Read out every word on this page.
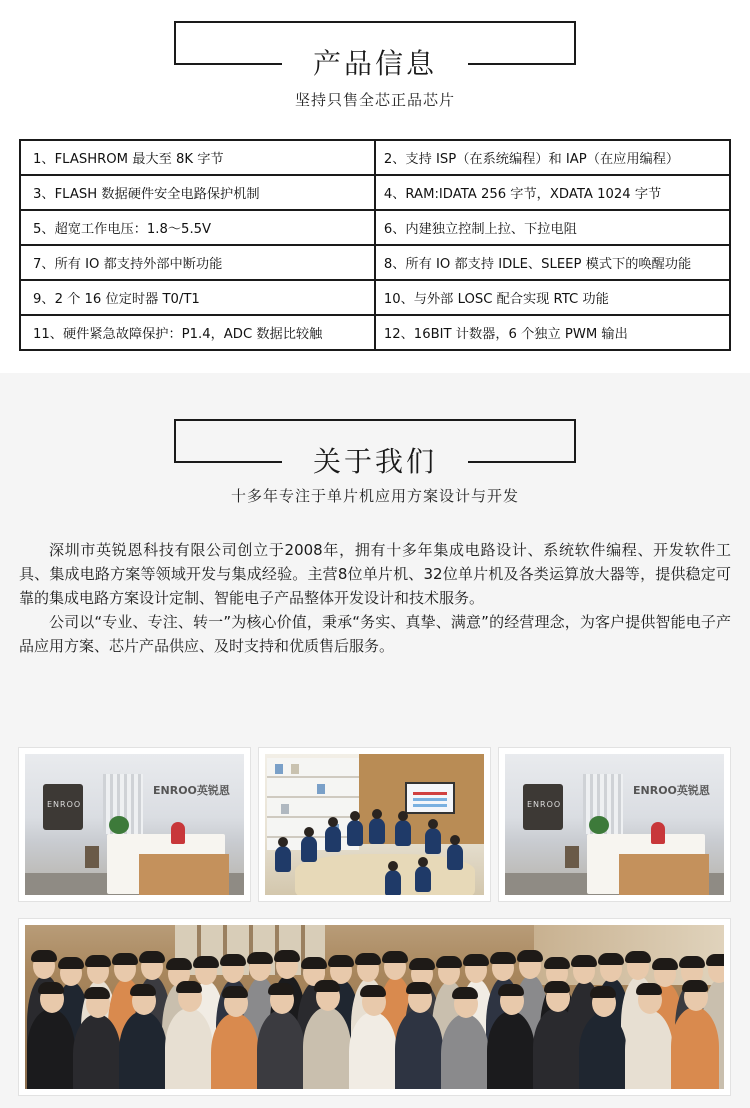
产品信息
坚持只售全芯正品芯片
1、FLASHROM 最大至 8K 字节	2、支持 ISP（在系统编程）和 IAP（在应用编程）
3、FLASH 数据硬件安全电路保护机制	4、RAM:IDATA 256 字节，XDATA 1024 字节
5、超宽工作电压：1.8～5.5V	6、内建独立控制上拉、下拉电阻
7、所有 IO 都支持外部中断功能	8、所有 IO 都支持 IDLE、SLEEP 模式下的唤醒功能
9、2 个 16 位定时器 T0/T1	10、与外部 LOSC 配合实现 RTC 功能
11、硬件紧急故障保护：P1.4，ADC 数据比较触	12、16BIT 计数器，6 个独立 PWM 输出
关于我们
十多年专注于单片机应用方案设计与开发

深圳市英锐恩科技有限公司创立于2008年，拥有十多年集成电路设计、系统软件编程、开发软件工具、集成电路方案等领域开发与集成经验。主营8位单片机、32位单片机及各类运算放大器等，提供稳定可靠的集成电路方案设计定制、智能电子产品整体开发设计和技术服务。

公司以“专业、专注、转一”为核心价值，秉承“务实、真挚、满意”的经营理念，为客户提供智能电子产品应用方案、芯片产品供应、及时支持和优质售后服务。

ENROO
ENROO英锐恩
ENROO
ENROO英锐恩
